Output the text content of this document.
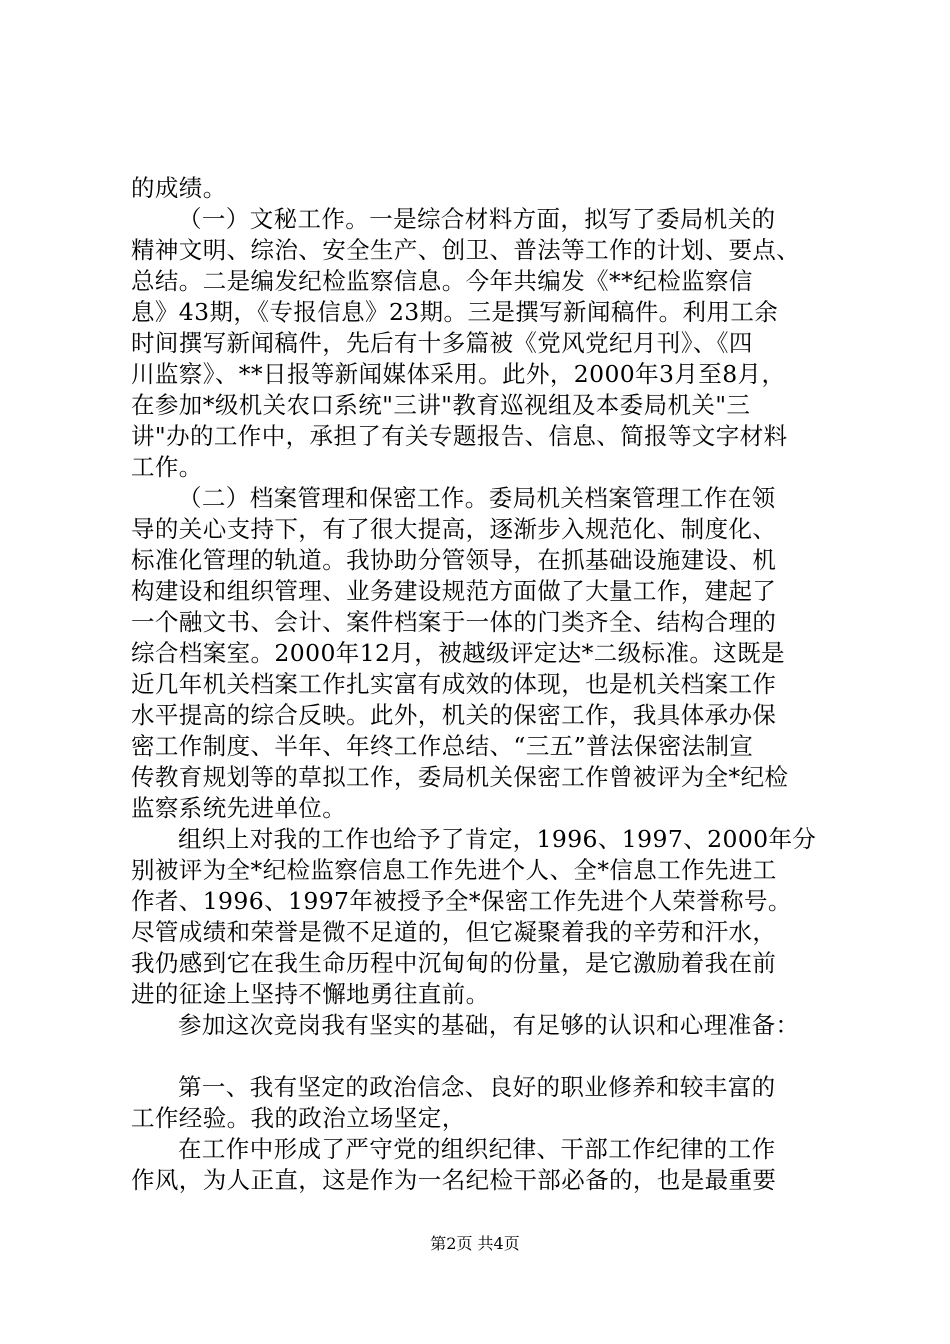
的成绩。
（一）文秘工作。一是综合材料方面，拟写了委局机关的
精神文明、综治、安全生产、创卫、普法等工作的计划、要点、
总结。二是编发纪检监察信息。今年共编发《**纪检监察信
息》43期，《专报信息》23期。三是撰写新闻稿件。利用工余
时间撰写新闻稿件，先后有十多篇被《党风党纪月刊》、《四
川监察》、**日报等新闻媒体采用。此外，2000年3月至8月，
在参加*级机关农口系统"三讲"教育巡视组及本委局机关"三
讲"办的工作中，承担了有关专题报告、信息、简报等文字材料
工作。
（二）档案管理和保密工作。委局机关档案管理工作在领
导的关心支持下，有了很大提高，逐渐步入规范化、制度化、
标准化管理的轨道。我协助分管领导，在抓基础设施建设、机
构建设和组织管理、业务建设规范方面做了大量工作，建起了
一个融文书、会计、案件档案于一体的门类齐全、结构合理的
综合档案室。2000年12月，被越级评定达*二级标准。这既是
近几年机关档案工作扎实富有成效的体现，也是机关档案工作
水平提高的综合反映。此外，机关的保密工作，我具体承办保
密工作制度、半年、年终工作总结、“三五”普法保密法制宣
传教育规划等的草拟工作，委局机关保密工作曾被评为全*纪检
监察系统先进单位。
组织上对我的工作也给予了肯定，1996、1997、2000年分
别被评为全*纪检监察信息工作先进个人、全*信息工作先进工
作者、1996、1997年被授予全*保密工作先进个人荣誉称号。
尽管成绩和荣誉是微不足道的，但它凝聚着我的辛劳和汗水，
我仍感到它在我生命历程中沉甸甸的份量，是它激励着我在前
进的征途上坚持不懈地勇往直前。
参加这次竞岗我有坚实的基础，有足够的认识和心理准备：
第一、我有坚定的政治信念、良好的职业修养和较丰富的
工作经验。我的政治立场坚定，
在工作中形成了严守党的组织纪律、干部工作纪律的工作
作风，为人正直，这是作为一名纪检干部必备的，也是最重要
第2页 共4页
